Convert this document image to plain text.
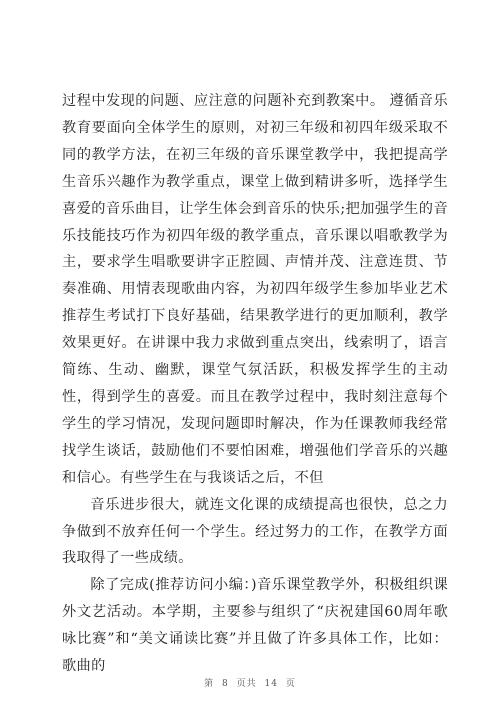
过程中发现的问题、应注意的问题补充到教案中。 遵循音乐教育要面向全体学生的原则，对初三年级和初四年级采取不同的教学方法，在初三年级的音乐课堂教学中，我把提高学生音乐兴趣作为教学重点，课堂上做到精讲多听，选择学生喜爱的音乐曲目，让学生体会到音乐的快乐;把加强学生的音乐技能技巧作为初四年级的教学重点，音乐课以唱歌教学为主，要求学生唱歌要讲字正腔圆、声情并茂、注意连贯、节奏准确、用情表现歌曲内容，为初四年级学生参加毕业艺术推荐生考试打下良好基础，结果教学进行的更加顺利，教学效果更好。在讲课中我力求做到重点突出，线索明了，语言简练、生动、幽默，课堂气氛活跃，积极发挥学生的主动性，得到学生的喜爱。而且在教学过程中，我时刻注意每个学生的学习情况，发现问题即时解决，作为任课教师我经常找学生谈话，鼓励他们不要怕困难，增强他们学音乐的兴趣和信心。有些学生在与我谈话之后，不但

音乐进步很大，就连文化课的成绩提高也很快，总之力争做到不放弃任何一个学生。经过努力的工作，在教学方面我取得了一些成绩。

除了完成(推荐访问小编：)音乐课堂教学外，积极组织课外文艺活动。本学期，主要参与组织了“庆祝建国60周年歌咏比赛”和“美文诵读比赛”并且做了许多具体工作，比如：歌曲的

第 8 页共 14 页
